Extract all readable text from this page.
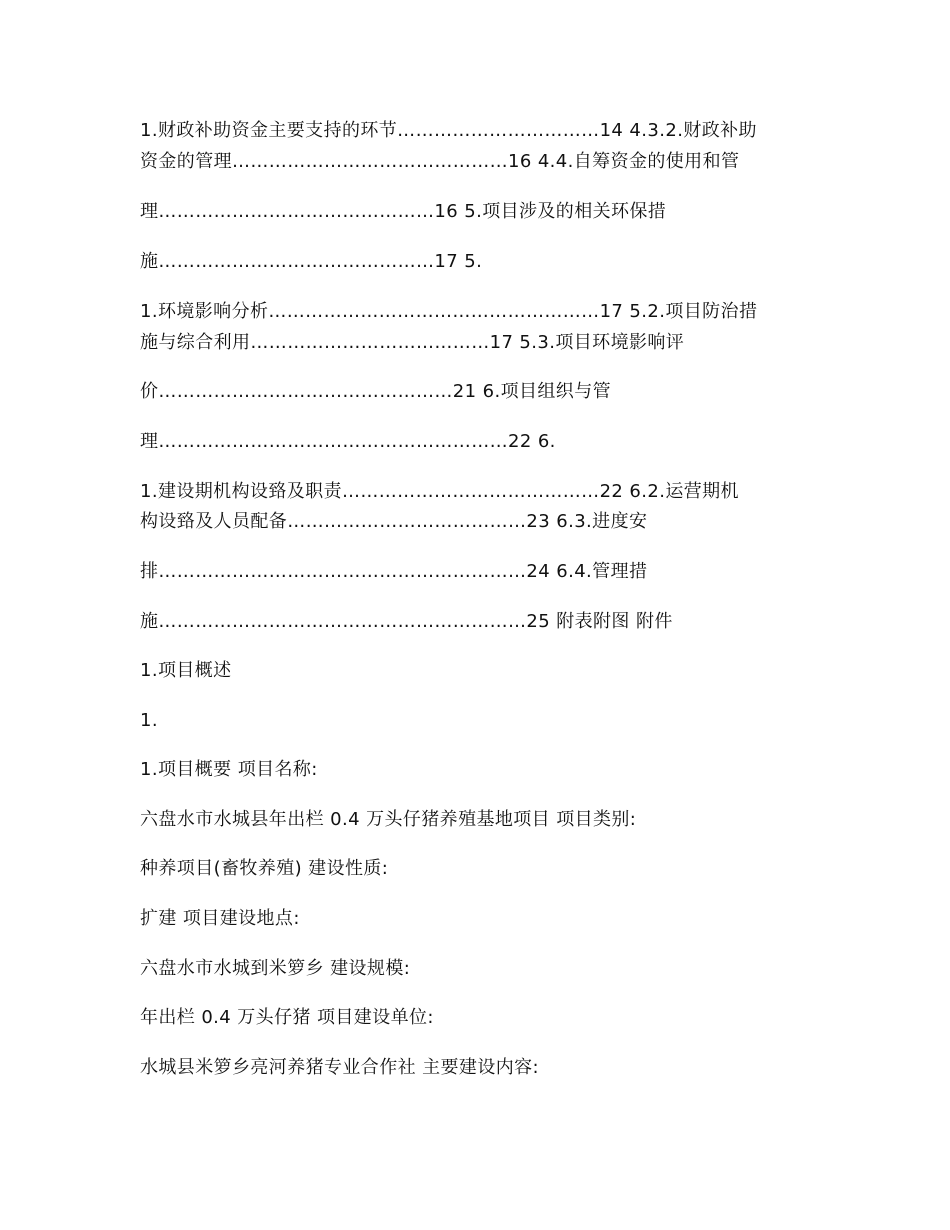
1.财政补助资金主要支持的环节……………………………14 4.3.2.财政补助
资金的管理………………………………………16 4.4.自筹资金的使用和管
理………………………………………16 5.项目涉及的相关环保措
施………………………………………17 5.
1.环境影响分析………………………………………………17 5.2.项目防治措
施与综合利用…………………………………17 5.3.项目环境影响评
价…………………………………………21 6.项目组织与管
理…………………………………………………22 6.
1.建设期机构设臵及职责……………………………………22 6.2.运营期机
构设臵及人员配备…………………………………23 6.3.进度安
排……………………………………………………24 6.4.管理措
施……………………………………………………25 附表附图 附件
1.项目概述
1.
1.项目概要 项目名称:
六盘水市水城县年出栏 0.4 万头仔猪养殖基地项目 项目类别:
种养项目(畜牧养殖) 建设性质:
扩建 项目建设地点:
六盘水市水城到米箩乡 建设规模:
年出栏 0.4 万头仔猪 项目建设单位:
水城县米箩乡亮河养猪专业合作社 主要建设内容:
